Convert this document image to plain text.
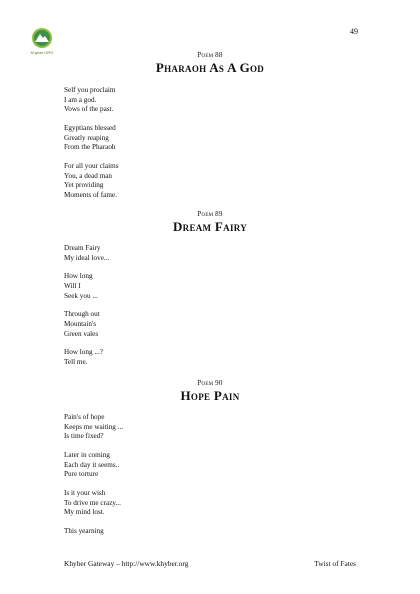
Khyber.ORG
49
Poem 88
Pharaoh As A God
Self you proclaim
I am a god.
Vows of the past.
Egyptians blessed
Greatly reaping
From the Pharaoh
For all your claims
You, a dead man
Yet providing
Moments of fame.
Poem 89
Dream Fairy
Dream Fairy
My ideal love...
How long
Will I
Seek you ...
Through out
Mountain's
Green vales
How long ...?
Tell me.
Poem 90
Hope Pain
Pain's of hope
Keeps me waiting ...
Is time fixed?
Later in coming
Each day it seems..
Pure torture
Is it your wish
To drive me crazy...
My mind lost.
This yearning
Khyber Gateway – http://www.khyber.org	Twist of Fates
